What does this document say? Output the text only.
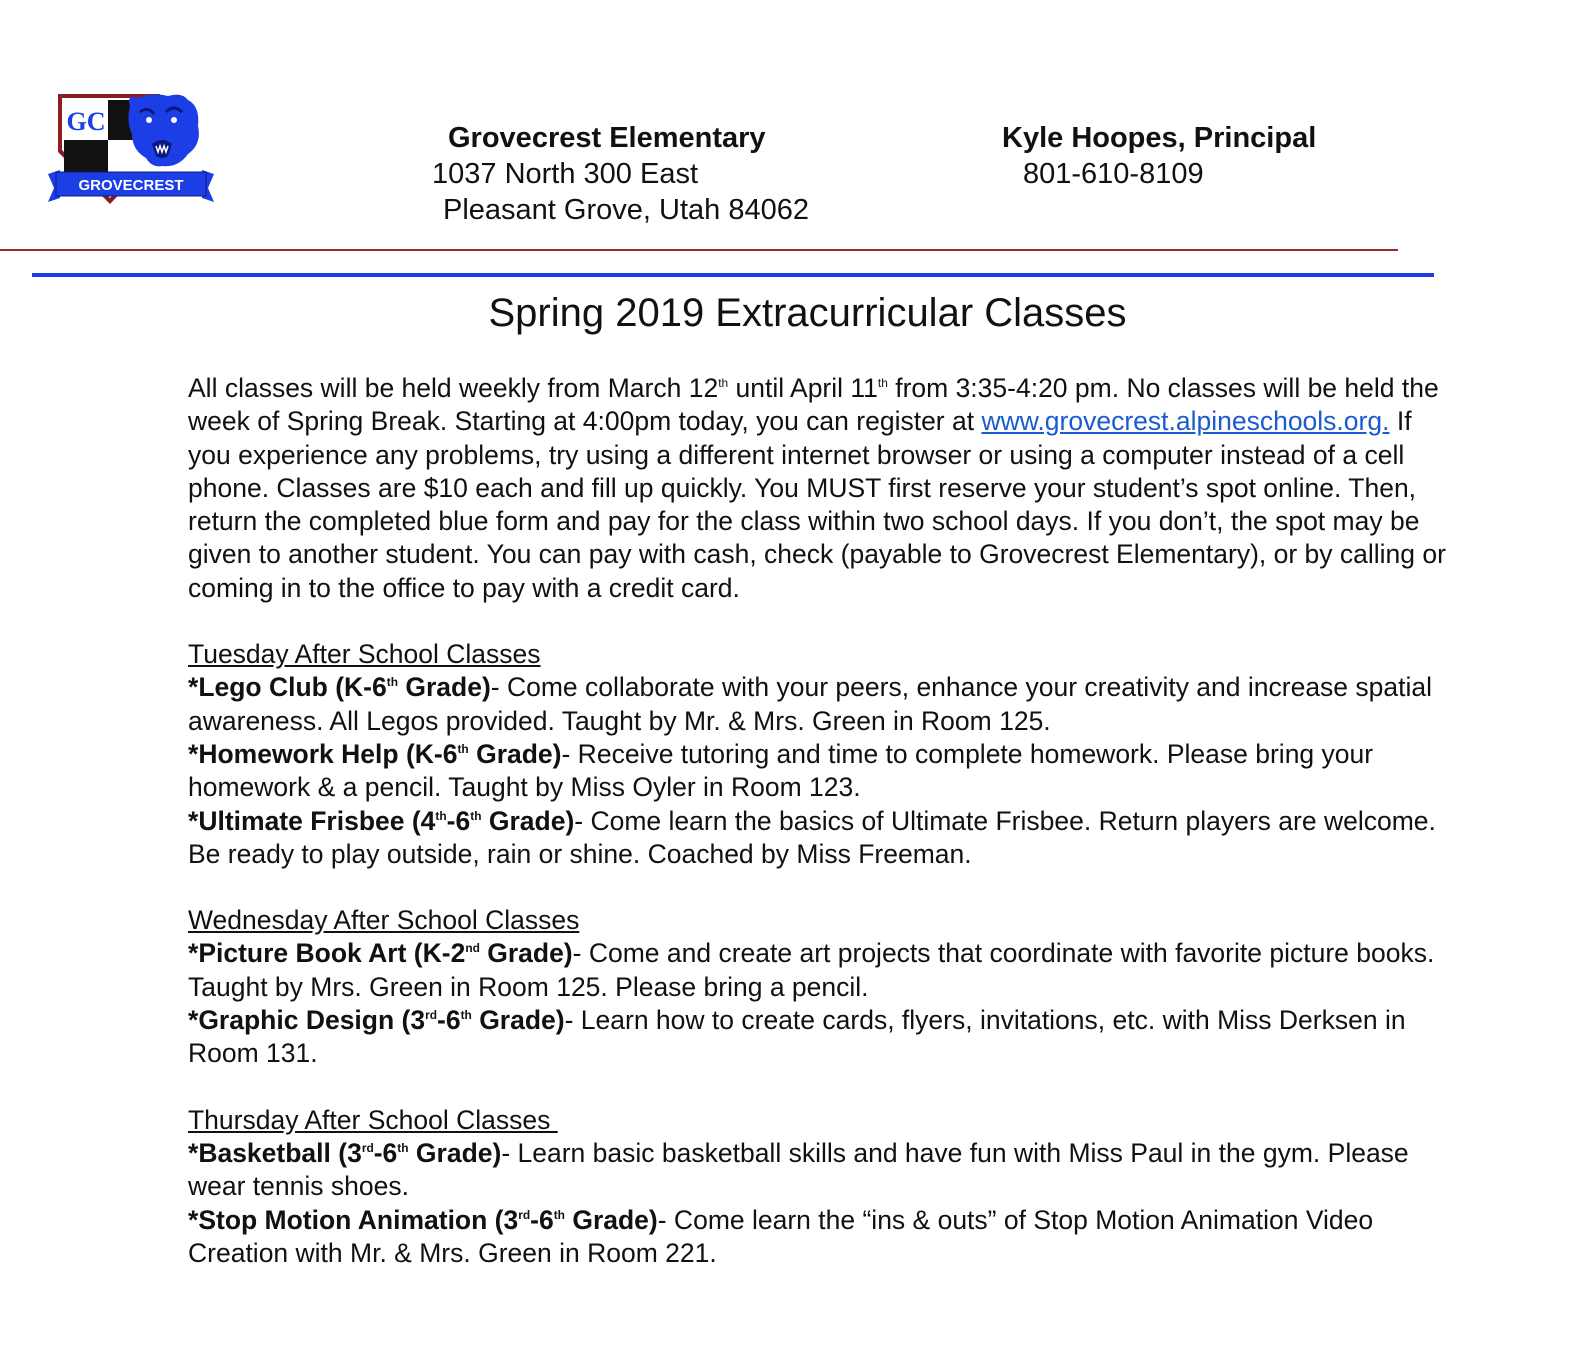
GC
GROVECREST
Grovecrest Elementary
1037 North 300 East
Pleasant Grove, Utah 84062
Kyle Hoopes, Principal
801-610-8109
Spring 2019 Extracurricular Classes

All classes will be held weekly from March 12th until April 11th from 3:35-4:20 pm. No classes will be held the week of Spring Break. Starting at 4:00pm today, you can register at www.grovecrest.alpineschools.org. If you experience any problems, try using a different internet browser or using a computer instead of a cell phone. Classes are $10 each and fill up quickly. You MUST first reserve your student’s spot online. Then, return the completed blue form and pay for the class within two school days. If you don’t, the spot may be given to another student. You can pay with cash, check (payable to Grovecrest Elementary), or by calling or coming in to the office to pay with a credit card.

Tuesday After School Classes

*Lego Club (K-6th Grade)- Come collaborate with your peers, enhance your creativity and increase spatial awareness. All Legos provided. Taught by Mr. & Mrs. Green in Room 125.

*Homework Help (K-6th Grade)- Receive tutoring and time to complete homework. Please bring your homework & a pencil. Taught by Miss Oyler in Room 123.

*Ultimate Frisbee (4th-6th Grade)- Come learn the basics of Ultimate Frisbee. Return players are welcome. Be ready to play outside, rain or shine. Coached by Miss Freeman.

Wednesday After School Classes

*Picture Book Art (K-2nd Grade)- Come and create art projects that coordinate with favorite picture books. Taught by Mrs. Green in Room 125. Please bring a pencil.

*Graphic Design (3rd-6th Grade)- Learn how to create cards, flyers, invitations, etc. with Miss Derksen in Room 131.

Thursday After School Classes

*Basketball (3rd-6th Grade)- Learn basic basketball skills and have fun with Miss Paul in the gym. Please wear tennis shoes.

*Stop Motion Animation (3rd-6th Grade)- Come learn the “ins & outs” of Stop Motion Animation Video Creation with Mr. & Mrs. Green in Room 221.
